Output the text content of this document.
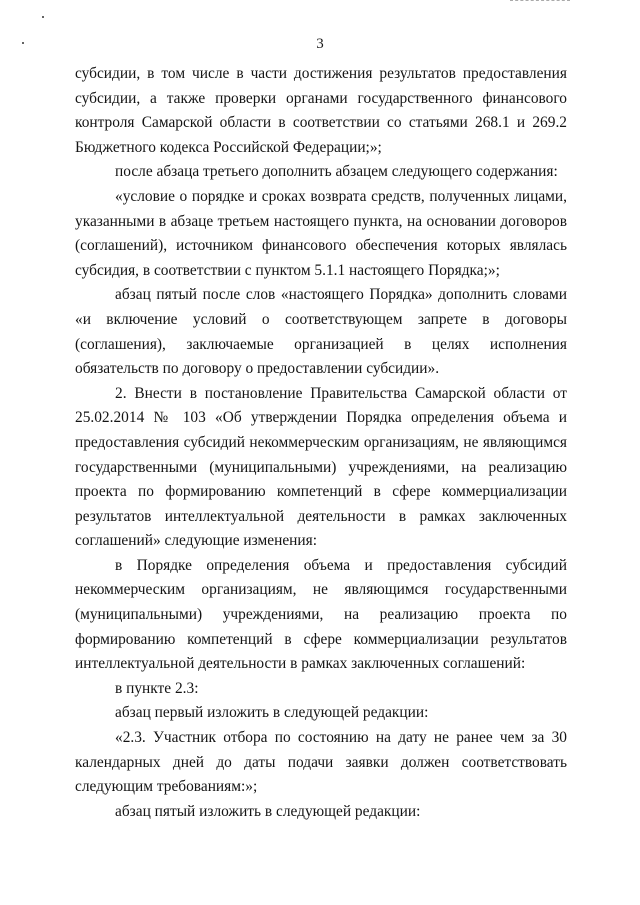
3

субсидии, в том числе в части достижения результатов предоставления субсидии, а также проверки органами государственного финансового контроля Самарской области в соответствии со статьями 268.1 и 269.2 Бюджетного кодекса Российской Федерации;»;

после абзаца третьего дополнить абзацем следующего содержания:

«условие о порядке и сроках возврата средств, полученных лицами, указанными в абзаце третьем настоящего пункта, на основании договоров (соглашений), источником финансового обеспечения которых являлась субсидия, в соответствии с пунктом 5.1.1 настоящего Порядка;»;

абзац пятый после слов «настоящего Порядка» дополнить словами «и включение условий о соответствующем запрете в договоры (соглашения), заключаемые организацией в целях исполнения обязательств по договору о предоставлении субсидии».

2. Внести в постановление Правительства Самарской области от 25.02.2014 № 103 «Об утверждении Порядка определения объема и предоставления субсидий некоммерческим организациям, не являющимся государственными (муниципальными) учреждениями, на реализацию проекта по формированию компетенций в сфере коммерциализации результатов интеллектуальной деятельности в рамках заключенных соглашений» следующие изменения:

в Порядке определения объема и предоставления субсидий некоммерческим организациям, не являющимся государственными (муниципальными) учреждениями, на реализацию проекта по формированию компетенций в сфере коммерциализации результатов интеллектуальной деятельности в рамках заключенных соглашений:

в пункте 2.3:

абзац первый изложить в следующей редакции:

«2.3. Участник отбора по состоянию на дату не ранее чем за 30 календарных дней до даты подачи заявки должен соответствовать следующим требованиям:»;

абзац пятый изложить в следующей редакции:
